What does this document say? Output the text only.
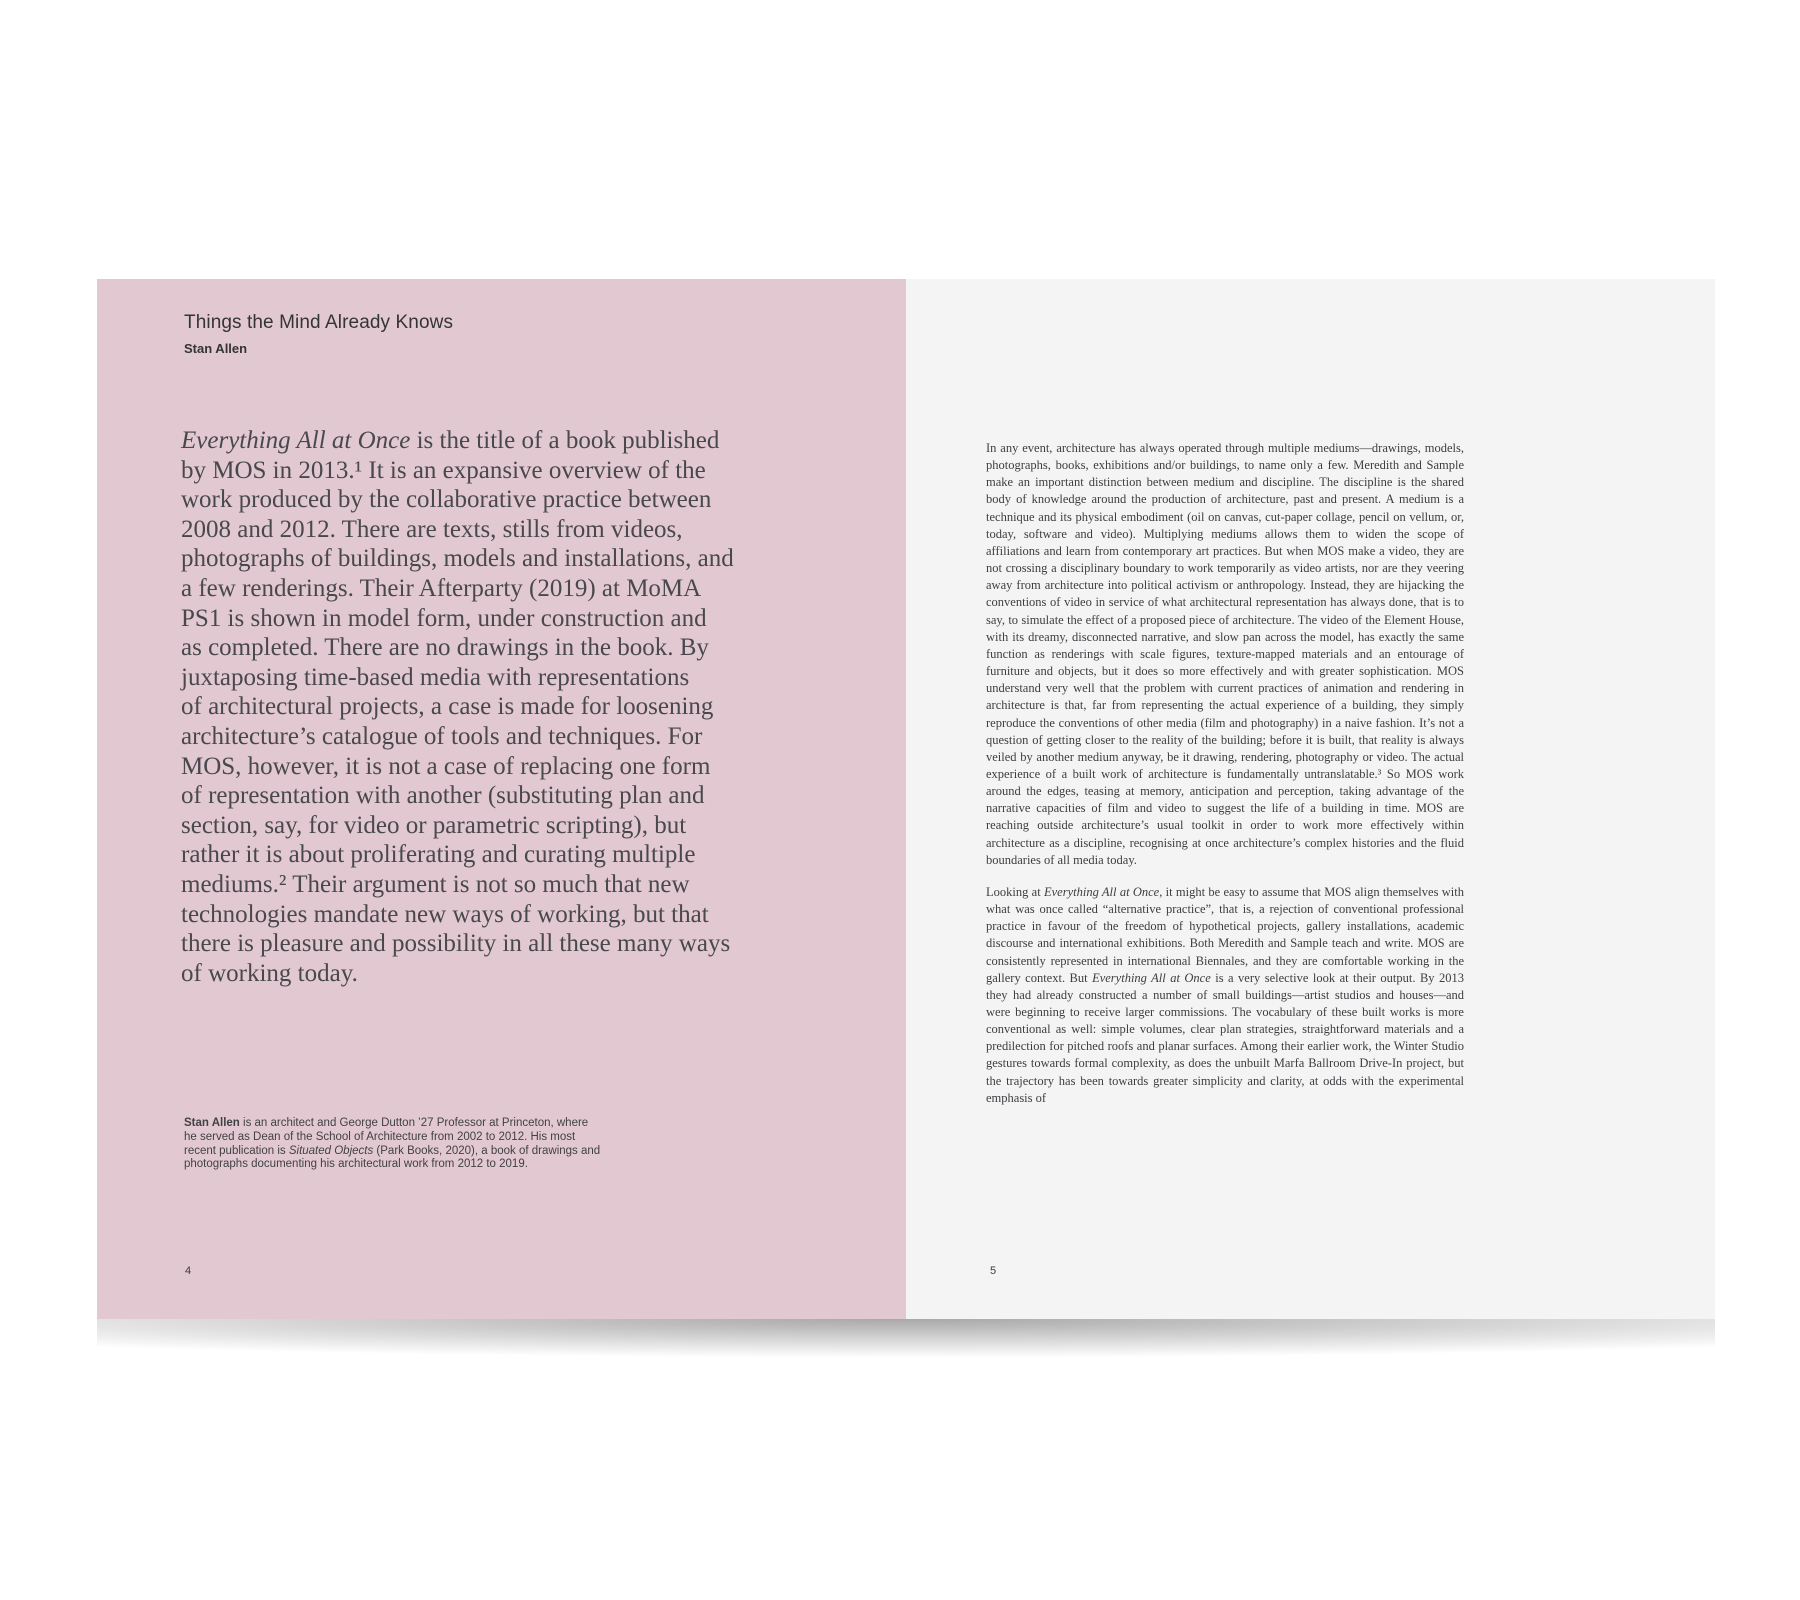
Things the Mind Already Knows
Stan Allen
Everything All at Once is the title of a book published
by MOS in 2013.¹ It is an expansive overview of the
work produced by the collaborative practice between
2008 and 2012. There are texts, stills from videos,
photographs of buildings, models and installations, and
a few renderings. Their Afterparty (2019) at MoMA
PS1 is shown in model form, under construction and
as completed. There are no drawings in the book. By
juxtaposing time-based media with representations
of architectural projects, a case is made for loosening
architecture’s catalogue of tools and techniques. For
MOS, however, it is not a case of replacing one form
of representation with another (substituting plan and
section, say, for video or parametric scripting), but
rather it is about proliferating and curating multiple
mediums.² Their argument is not so much that new
technologies mandate new ways of working, but that
there is pleasure and possibility in all these many ways
of working today.
Stan Allen is an architect and George Dutton ’27 Professor at Princeton, where
he served as Dean of the School of Architecture from 2002 to 2012. His most
recent publication is Situated Objects (Park Books, 2020), a book of drawings and
photographs documenting his architectural work from 2012 to 2019.
4
In any event, architecture has always operated through multiple mediums—drawings, models, photographs, books, exhibitions and/or buildings, to name only a few. Meredith and Sample make an important distinction between medium and discipline. The discipline is the shared body of knowledge around the production of architecture, past and present. A medium is a technique and its physical embodiment (oil on canvas, cut-paper collage, pencil on vellum, or, today, software and video). Multiplying mediums allows them to widen the scope of affiliations and learn from contemporary art practices. But when MOS make a video, they are not crossing a disciplinary boundary to work temporarily as video artists, nor are they veering away from architecture into political activism or anthropology. Instead, they are hijacking the conventions of video in service of what architectural representation has always done, that is to say, to simulate the effect of a proposed piece of architecture. The video of the Element House, with its dreamy, disconnected narrative, and slow pan across the model, has exactly the same function as renderings with scale figures, texture-mapped materials and an entourage of furniture and objects, but it does so more effectively and with greater sophistication. MOS understand very well that the problem with current practices of animation and rendering in architecture is that, far from representing the actual experience of a building, they simply reproduce the conventions of other media (film and photography) in a naive fashion. It’s not a question of getting closer to the reality of the building; before it is built, that reality is always veiled by another medium anyway, be it drawing, rendering, photography or video. The actual experience of a built work of architecture is fundamentally untranslatable.³ So MOS work around the edges, teasing at memory, anticipation and perception, taking advantage of the narrative capacities of film and video to suggest the life of a building in time. MOS are reaching outside architecture’s usual toolkit in order to work more effectively within architecture as a discipline, recognising at once architecture’s complex histories and the fluid boundaries of all media today.
Looking at Everything All at Once, it might be easy to assume that MOS align themselves with what was once called “alternative practice”, that is, a rejection of conventional professional practice in favour of the freedom of hypothetical projects, gallery installations, academic discourse and international exhibitions. Both Meredith and Sample teach and write. MOS are consistently represented in international Biennales, and they are comfortable working in the gallery context. But Everything All at Once is a very selective look at their output. By 2013 they had already constructed a number of small buildings—artist studios and houses—and were beginning to receive larger commissions. The vocabulary of these built works is more conventional as well: simple volumes, clear plan strategies, straightforward materials and a predilection for pitched roofs and planar surfaces. Among their earlier work, the Winter Studio gestures towards formal complexity, as does the unbuilt Marfa Ballroom Drive-In project, but the trajectory has been towards greater simplicity and clarity, at odds with the experimental emphasis of
5
